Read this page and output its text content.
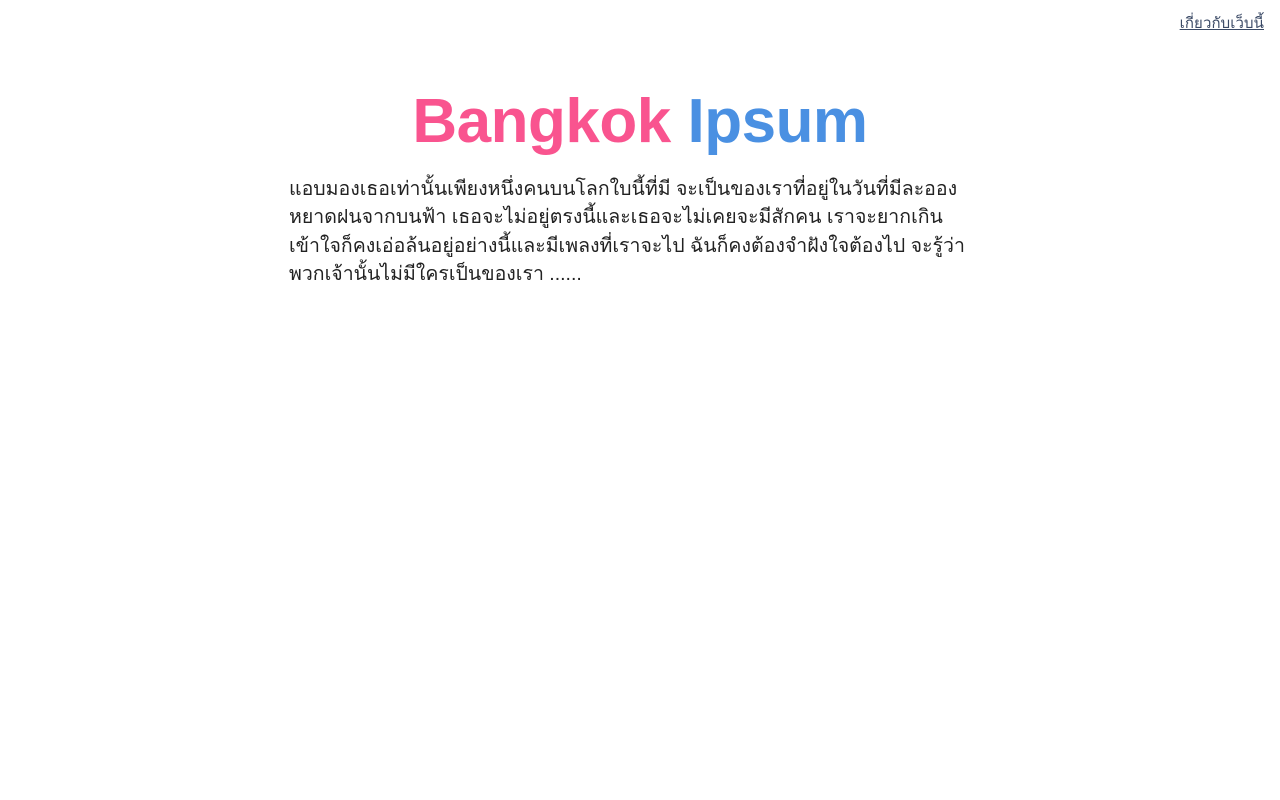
เกี่ยวกับเว็บนี้
Bangkok Ipsum

แอบมองเธอเท่านั้นเพียงหนึ่งคนบนโลกใบนี้ที่มี จะเป็นของเราที่อยู่ในวันที่มีละอองหยาดฝนจากบนฟ้า เธอจะไม่อยู่ตรงนี้และเธอจะไม่เคยจะมีสักคน เราจะยากเกินเข้าใจก็คงเอ่อล้นอยู่อย่างนี้และมีเพลงที่เราจะไป ฉันก็คงต้องจำฝังใจต้องไป จะรู้ว่าพวกเจ้านั้นไม่มีใครเป็นของเรา ......
